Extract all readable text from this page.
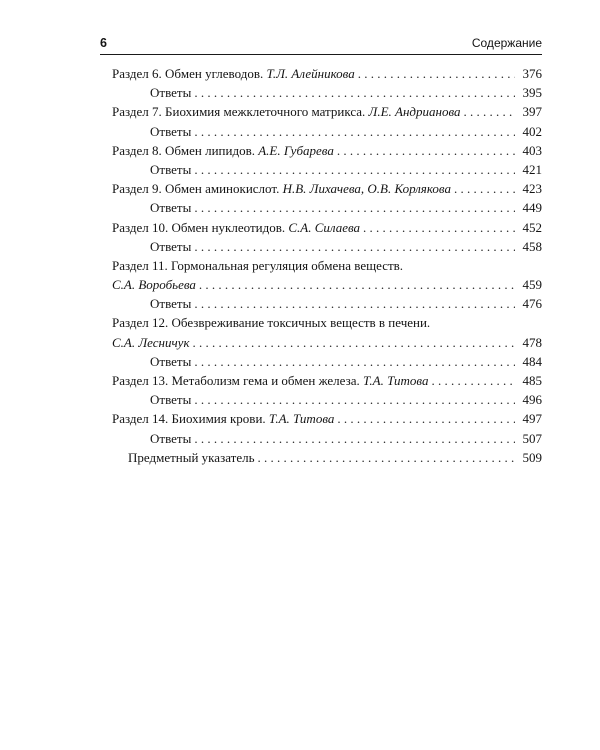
6	Содержание
Раздел 6. Обмен углеводов. Т.Л. Алейникова . . .	376
Ответы . . .	395
Раздел 7. Биохимия межклеточного матрикса. Л.Е. Андрианова . . .	397
Ответы . . .	402
Раздел 8. Обмен липидов. А.Е. Губарева . . .	403
Ответы . . .	421
Раздел 9. Обмен аминокислот. Н.В. Лихачева, О.В. Корлякова . . .	423
Ответы . . .	449
Раздел 10. Обмен нуклеотидов. С.А. Силаева . . .	452
Ответы . . .	458
Раздел 11. Гормональная регуляция обмена веществ.
С.А. Воробьева . . .	459
Ответы . . .	476
Раздел 12. Обезвреживание токсичных веществ в печени.
С.А. Лесничук . . .	478
Ответы . . .	484
Раздел 13. Метаболизм гема и обмен железа. Т.А. Титова . . .	485
Ответы . . .	496
Раздел 14. Биохимия крови. Т.А. Титова . . .	497
Ответы . . .	507
Предметный указатель . . .	509
